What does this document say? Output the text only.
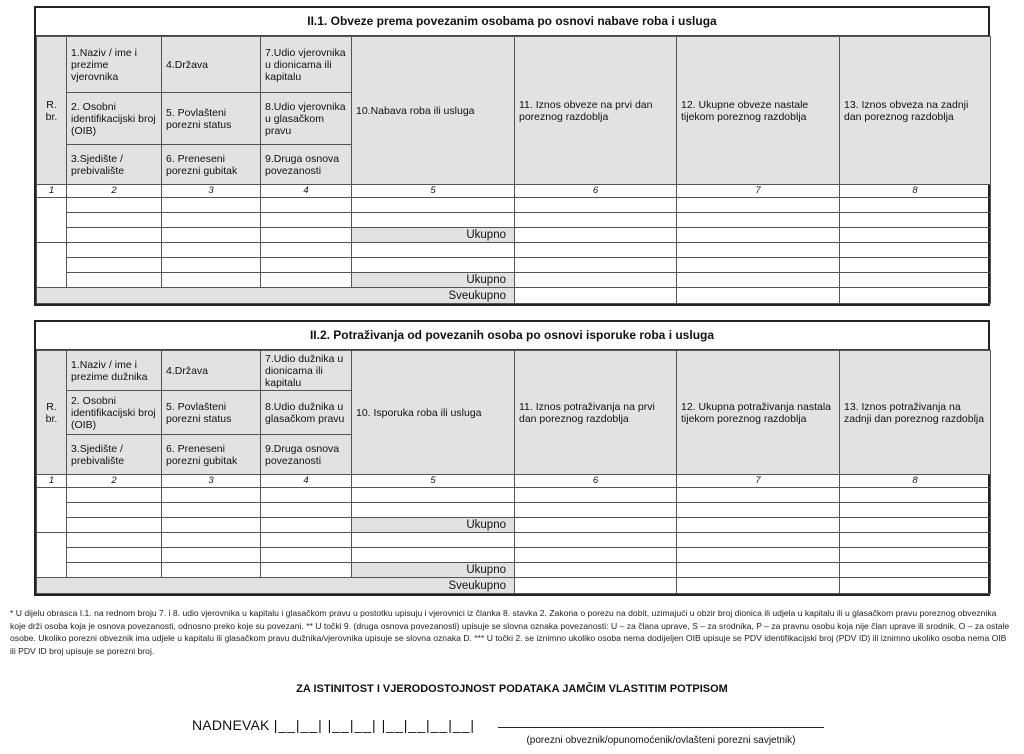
II.1. Obveze prema povezanim osobama po osnovi nabave roba i usluga
R. br.	1.Naziv / ime i prezime vjerovnika	4.Država	7.Udio vjerovnika u dionicama ili kapitalu	10.Nabava roba ili usluga	11. Iznos obveze na prvi dan poreznog razdoblja	12. Ukupne obveze nastale tijekom poreznog razdoblja	13. Iznos obveza na zadnji dan poreznog razdoblja
	2. Osobni identifikacijski broj (OIB)	5. Povlašteni porezni status	8.Udio vjerovnika u glasačkom pravu				
	3.Sjedište / prebivalište	6. Preneseni porezni gubitak	9.Druga osnova povezanosti				
1	2	3	4	5	6	7	8

				Ukupno			

				Ukupno			
Sveukupno							
II.2. Potraživanja od povezanih osoba po osnovi isporuke roba i usluga
R. br.	1.Naziv / ime i prezime dužnika	4.Država	7.Udio dužnika u dionicama ili kapitalu	10. Isporuka roba ili usluga	11. Iznos potraživanja na prvi dan poreznog razdoblja	12. Ukupna potraživanja nastala tijekom poreznog razdoblja	13. Iznos potraživanja na zadnji dan poreznog razdoblja
	2. Osobni identifikacijski broj (OIB)	5. Povlašteni porezni status	8.Udio dužnika u glasačkom pravu				
	3.Sjedište / prebivalište	6. Preneseni porezni gubitak	9.Druga osnova povezanosti				
1	2	3	4	5	6	7	8

				Ukupno			

				Ukupno			
Sveukupno							
* U dijelu obrasca I.1. na rednom broju 7. i 8. udio vjerovnika u kapitalu i glasačkom pravu u postotku upisuju i vjerovnici iz članka 8. stavka 2. Zakona o porezu na dobit, uzimajući u obzir broj dionica ili udjela u kapitalu ili u glasačkom pravu poreznog obveznika koje drži osoba koja je osnova povezanosti, odnosno preko koje su povezani. ** U točki 9. (druga osnova povezanosti) upisuje se slovna oznaka povezanosti: U – za člana uprave, S – za srodnika, P – za pravnu osobu koja nije član uprave ili srodnik, O – za ostale osobe. Ukoliko porezni obveznik ima udjele u kapitalu ili glasačkom pravu dužnika/vjerovnika upisuje se slovna oznaka D. *** U točki 2. se iznimno ukoliko osoba nema dodijeljen OIB upisuje se PDV identifikacijski broj (PDV ID) ili iznimno ukoliko osoba nema OIB ili PDV ID broj upisuje se porezni broj.
ZA ISTINITOST I VJERODOSTOJNOST PODATAKA JAMČIM VLASTITIM POTPISOM
NADNEVAK |__|__| |__|__| |__|__|__|__|
(porezni obveznik/opunomoćenik/ovlašteni porezni savjetnik)
